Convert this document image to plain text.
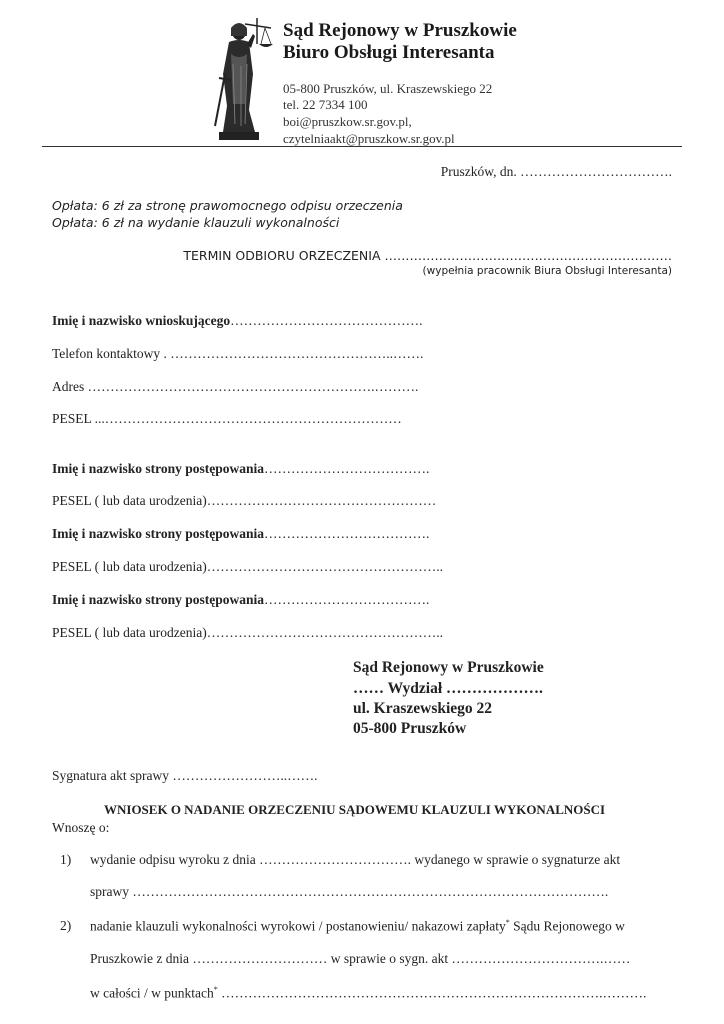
Sąd Rejonowy w Pruszkowie
Biuro Obsługi Interesanta
05-800 Pruszków, ul. Kraszewskiego 22
tel. 22 7334 100
boi@pruszkow.sr.gov.pl,
czytelniaakt@pruszkow.sr.gov.pl
Pruszków, dn. …………………………….
Opłata: 6 zł za stronę prawomocnego odpisu orzeczenia
Opłata: 6 zł na wydanie klauzuli wykonalności
TERMIN ODBIORU ORZECZENIA ……………………………………………………………
(wypełnia pracownik Biura Obsługi Interesanta)
Imię i nazwisko wnioskującego…………………………………….
Telefon kontaktowy . …………………………………………..…….
Adres ……………………………………………………….……….
PESEL ...…………………………………………………………
Imię i nazwisko strony postępowania……………………………….
PESEL ( lub data urodzenia)……………………………………………
Imię i nazwisko strony postępowania……………………………….
PESEL ( lub data urodzenia)……………………………………………..
Imię i nazwisko strony postępowania……………………………….
PESEL ( lub data urodzenia)……………………………………………..
Sąd Rejonowy w Pruszkowie
…… Wydział ……………….
ul. Kraszewskiego 22
05-800 Pruszków
Sygnatura akt sprawy ……………………..…….
WNIOSEK O NADANIE ORZECZENIU SĄDOWEMU KLAUZULI WYKONALNOŚCI
Wnoszę o:
1) wydanie odpisu wyroku z dnia ……………………………. wydanego w sprawie o sygnaturze akt
sprawy …………………………………………………………………………………………….
2) nadanie klauzuli wykonalności wyrokowi / postanowieniu/ nakazowi zapłaty* Sądu Rejonowego w
Pruszkowie z dnia ………………………… w sprawie o sygn. akt …………………………….……
w całości / w punktach* ………………………………………………………………………….……….
